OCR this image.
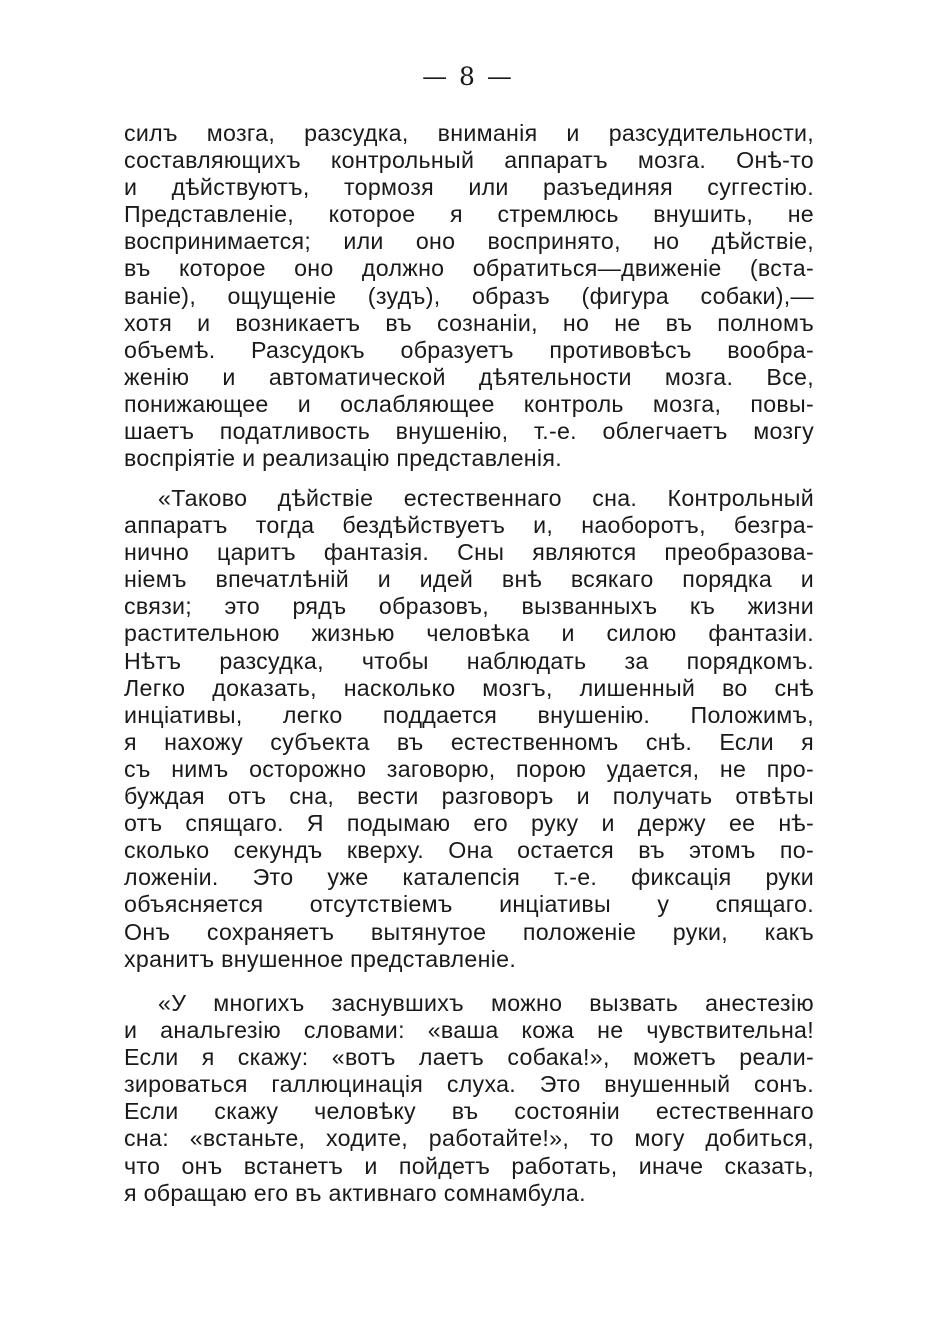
— 8 —
силъ мозга, разсудка, вниманія и разсудительности,
составляющихъ контрольный аппаратъ мозга. Онѣ-то
и дѣйствуютъ, тормозя или разъединяя суггестію.
Представленіе, которое я стремлюсь внушить, не
воспринимается; или оно воспринято, но дѣйствіе,
въ которое оно должно обратиться—движеніе (вста-
ваніе), ощущеніе (зудъ), образъ (фигура собаки),—
хотя и возникаетъ въ сознаніи, но не въ полномъ
объемѣ. Разсудокъ образуетъ противовѣсъ вообра-
женію и автоматической дѣятельности мозга. Все,
понижающее и ослабляющее контроль мозга, повы-
шаетъ податливость внушенію, т.-е. облегчаетъ мозгу
воспріятіе и реализацію представленія.
«Таково дѣйствіе естественнаго сна. Контрольный
аппаратъ тогда бездѣйствуетъ и, наоборотъ, безгра-
нично царитъ фантазія. Сны являются преобразова-
ніемъ впечатлѣній и идей внѣ всякаго порядка и
связи; это рядъ образовъ, вызванныхъ къ жизни
растительною жизнью человѣка и силою фантазіи.
Нѣтъ разсудка, чтобы наблюдать за порядкомъ.
Легко доказать, насколько мозгъ, лишенный во снѣ
инціативы, легко поддается внушенію. Положимъ,
я нахожу субъекта въ естественномъ снѣ. Если я
съ нимъ осторожно заговорю, порою удается, не про-
буждая отъ сна, вести разговоръ и получать отвѣты
отъ спящаго. Я подымаю его руку и держу ее нѣ-
сколько секундъ кверху. Она остается въ этомъ по-
ложеніи. Это уже каталепсія т.-е. фиксація руки
объясняется отсутствіемъ инціативы у спящаго.
Онъ сохраняетъ вытянутое положеніе руки, какъ
хранитъ внушенное представленіе.
«У многихъ заснувшихъ можно вызвать анестезію
и анальгезію словами: «ваша кожа не чувствительна!
Если я скажу: «вотъ лаетъ собака!», можетъ реали-
зироваться галлюцинація слуха. Это внушенный сонъ.
Если скажу человѣку въ состояніи естественнаго
сна: «встаньте, ходите, работайте!», то могу добиться,
что онъ встанетъ и пойдетъ работать, иначе сказать,
я обращаю его въ активнаго сомнамбула.
